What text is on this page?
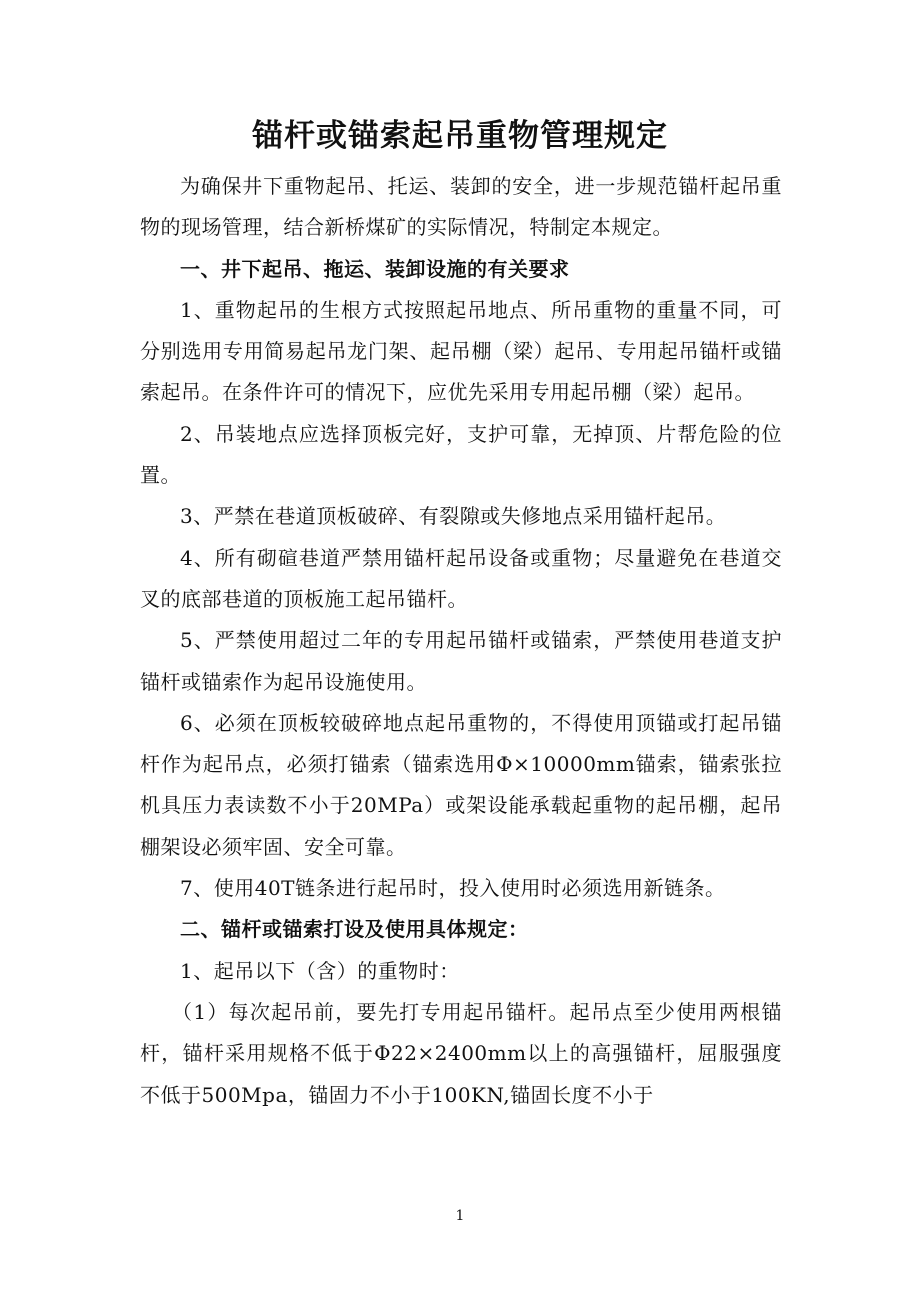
锚杆或锚索起吊重物管理规定

为确保井下重物起吊、托运、装卸的安全，进一步规范锚杆起吊重物的现场管理，结合新桥煤矿的实际情况，特制定本规定。

一、井下起吊、拖运、装卸设施的有关要求

1、重物起吊的生根方式按照起吊地点、所吊重物的重量不同，可分别选用专用简易起吊龙门架、起吊棚（梁）起吊、专用起吊锚杆或锚索起吊。在条件许可的情况下，应优先采用专用起吊棚（梁）起吊。

2、吊装地点应选择顶板完好，支护可靠，无掉顶、片帮危险的位置。

3、严禁在巷道顶板破碎、有裂隙或失修地点采用锚杆起吊。

4、所有砌碹巷道严禁用锚杆起吊设备或重物；尽量避免在巷道交叉的底部巷道的顶板施工起吊锚杆。

5、严禁使用超过二年的专用起吊锚杆或锚索，严禁使用巷道支护锚杆或锚索作为起吊设施使用。

6、必须在顶板较破碎地点起吊重物的，不得使用顶锚或打起吊锚杆作为起吊点，必须打锚索（锚索选用Φ×10000mm锚索，锚索张拉机具压力表读数不小于20MPa）或架设能承载起重物的起吊棚，起吊棚架设必须牢固、安全可靠。

7、使用40T链条进行起吊时，投入使用时必须选用新链条。

二、锚杆或锚索打设及使用具体规定：

1、起吊以下（含）的重物时：

（1）每次起吊前，要先打专用起吊锚杆。起吊点至少使用两根锚杆，锚杆采用规格不低于Φ22×2400mm以上的高强锚杆，屈服强度不低于500Mpa，锚固力不小于100KN,锚固长度不小于

1
